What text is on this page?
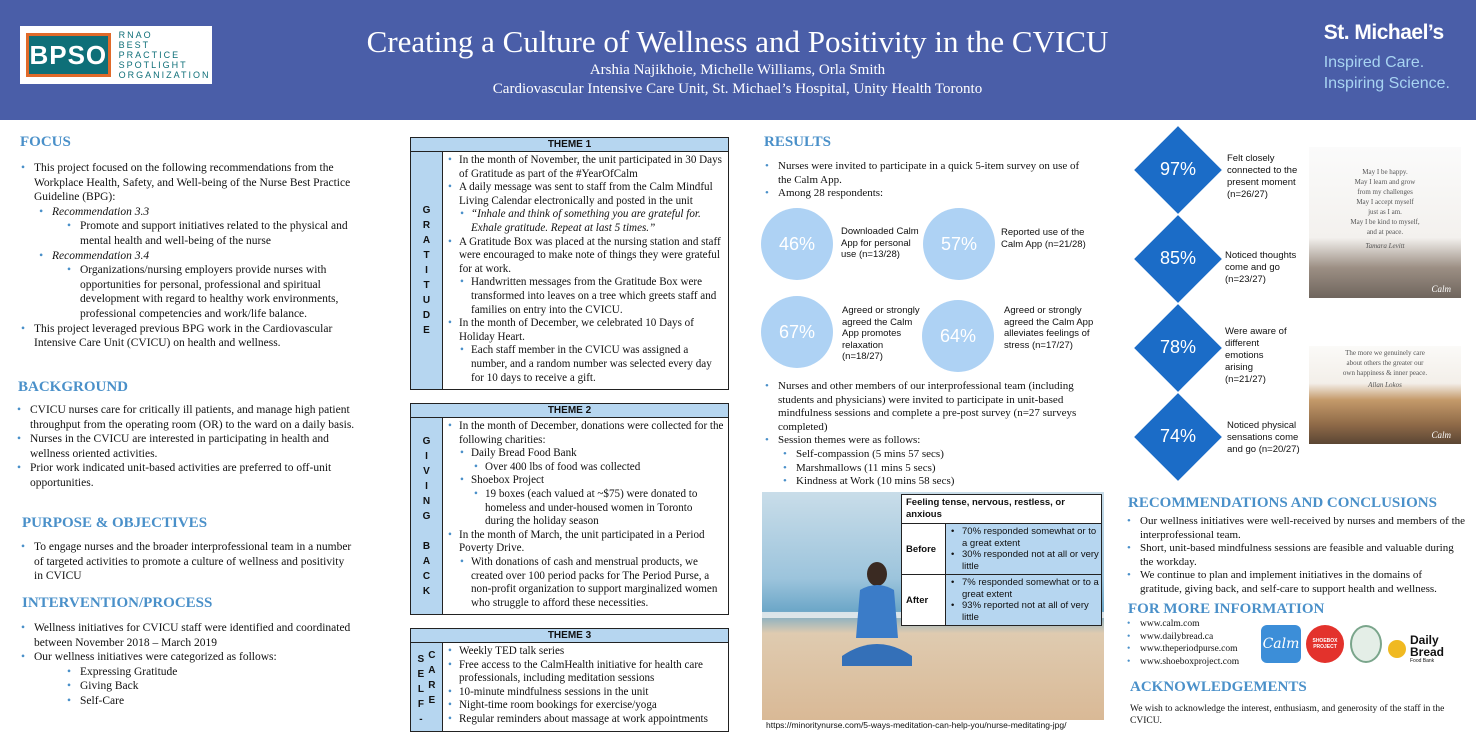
BPSO
RNAO
BEST PRACTICE
SPOTLIGHT
ORGANIZATION
Creating a Culture of Wellness and Positivity in the CVICU
Arshia Najikhoie, Michelle Williams, Orla Smith
Cardiovascular Intensive Care Unit, St. Michael’s Hospital, Unity Health Toronto
St. Michael’s
Inspired Care.
Inspiring Science.
FOCUS
• This project focused on the following recommendations from the Workplace Health, Safety, and Well-being of the Nurse Best Practice Guideline (BPG):
• Recommendation 3.3
• Promote and support initiatives related to the physical and mental health and well-being of the nurse
• Recommendation 3.4
• Organizations/nursing employers provide nurses with opportunities for personal, professional and spiritual development with regard to healthy work environments, professional competencies and work/life balance.
• This project leveraged previous BPG work in the Cardiovascular Intensive Care Unit (CVICU) on health and wellness.
BACKGROUND
• CVICU nurses care for critically ill patients, and manage high patient throughput from the operating room (OR) to the ward on a daily basis.
• Nurses in the CVICU are interested in participating in health and wellness oriented activities.
• Prior work indicated unit-based activities are preferred to off-unit opportunities.
PURPOSE & OBJECTIVES
• To engage nurses and the broader interprofessional team in a number of targeted activities to promote a culture of wellness and positivity in CVICU
INTERVENTION/PROCESS
• Wellness initiatives for CVICU staff were identified and coordinated between November 2018 – March 2019
• Our wellness initiatives were categorized as follows:
• Expressing Gratitude
• Giving Back
• Self-Care
THEME 1
G
R
A
T
I
T
U
D
E
• In the month of November, the unit participated in 30 Days of Gratitude as part of the #YearOfCalm
• A daily message was sent to staff from the Calm Mindful Living Calendar electronically and posted in the unit
• “Inhale and think of something you are grateful for. Exhale gratitude. Repeat at last 5 times.”
• A Gratitude Box was placed at the nursing station and staff were encouraged to make note of things they were grateful for at work.
• Handwritten messages from the Gratitude Box were transformed into leaves on a tree which greets staff and families on entry into the CVICU.
• In the month of December, we celebrated 10 Days of Holiday Heart.
• Each staff member in the CVICU was assigned a number, and a random number was selected every day for 10 days to receive a gift.
THEME 2
G
I
V
I
N
G
B
A
C
K
• In the month of December, donations were collected for the following charities:
• Daily Bread Food Bank
• Over 400 lbs of food was collected
• Shoebox Project
• 19 boxes (each valued at ~$75) were donated to homeless and under-housed women in Toronto during the holiday season
• In the month of March, the unit participated in a Period Poverty Drive.
• With donations of cash and menstrual products, we created over 100 period packs for The Period Purse, a non-profit organization to support marginalized women who struggle to afford these necessities.
THEME 3
S
E
L
F
-
C
A
R
E
• Weekly TED talk series
• Free access to the CalmHealth initiative for health care professionals, including meditation sessions
• 10-minute mindfulness sessions in the unit
• Night-time room bookings for exercise/yoga
• Regular reminders about massage at work appointments
RESULTS
• Nurses were invited to participate in a quick 5-item survey on use of the Calm App.
• Among 28 respondents:
46%
Downloaded Calm App for personal use (n=13/28)
57%
Reported use of the Calm App (n=21/28)
67%
Agreed or strongly agreed the Calm App promotes relaxation (n=18/27)
64%
Agreed or strongly agreed the Calm App alleviates feelings of stress (n=17/27)
• Nurses and other members of our interprofessional team (including students and physicians) were invited to participate in unit-based mindfulness sessions and complete a pre-post survey (n=27 surveys completed)
• Session themes were as follows:
• Self-compassion (5 mins 57 secs)
• Marshmallows (11 mins 5 secs)
• Kindness at Work (10 mins 58 secs)
Feeling tense, nervous, restless, or anxious
Before
• 70% responded somewhat or to a great extent
• 30% responded not at all or very little
After
• 7% responded somewhat or to a great extent
• 93% reported not at all of very little
https://minoritynurse.com/5-ways-meditation-can-help-you/nurse-meditating-jpg/
97%
Felt closely connected to the present moment (n=26/27)
85%	Noticed thoughts come and go (n=23/27)
78%
Were aware of different emotions arising (n=21/27)
74%
Noticed physical sensations come and go (n=20/27)
May I be happy.
May I learn and grow
from my challenges
May I accept myself
just as I am.
May I be kind to myself,
and at peace.
Tamara Levitt
Calm
The more we genuinely care
about others the greater our
own happiness & inner peace.
Allan Lokos
Calm
RECOMMENDATIONS AND CONCLUSIONS
• Our wellness initiatives were well-received by nurses and members of the interprofessional team.
• Short, unit-based mindfulness sessions are feasible and valuable during the workday.
• We continue to plan and implement initiatives in the domains of gratitude, giving back, and self-care to support health and wellness.
FOR MORE INFORMATION
• www.calm.com
• www.dailybread.ca
• www.theperiodpurse.com
• www.shoeboxproject.com
Calm	SHOEBOX PROJECT	Daily Bread
Food Bank
ACKNOWLEDGEMENTS
We wish to acknowledge the interest, enthusiasm, and generosity of the staff in the CVICU.
